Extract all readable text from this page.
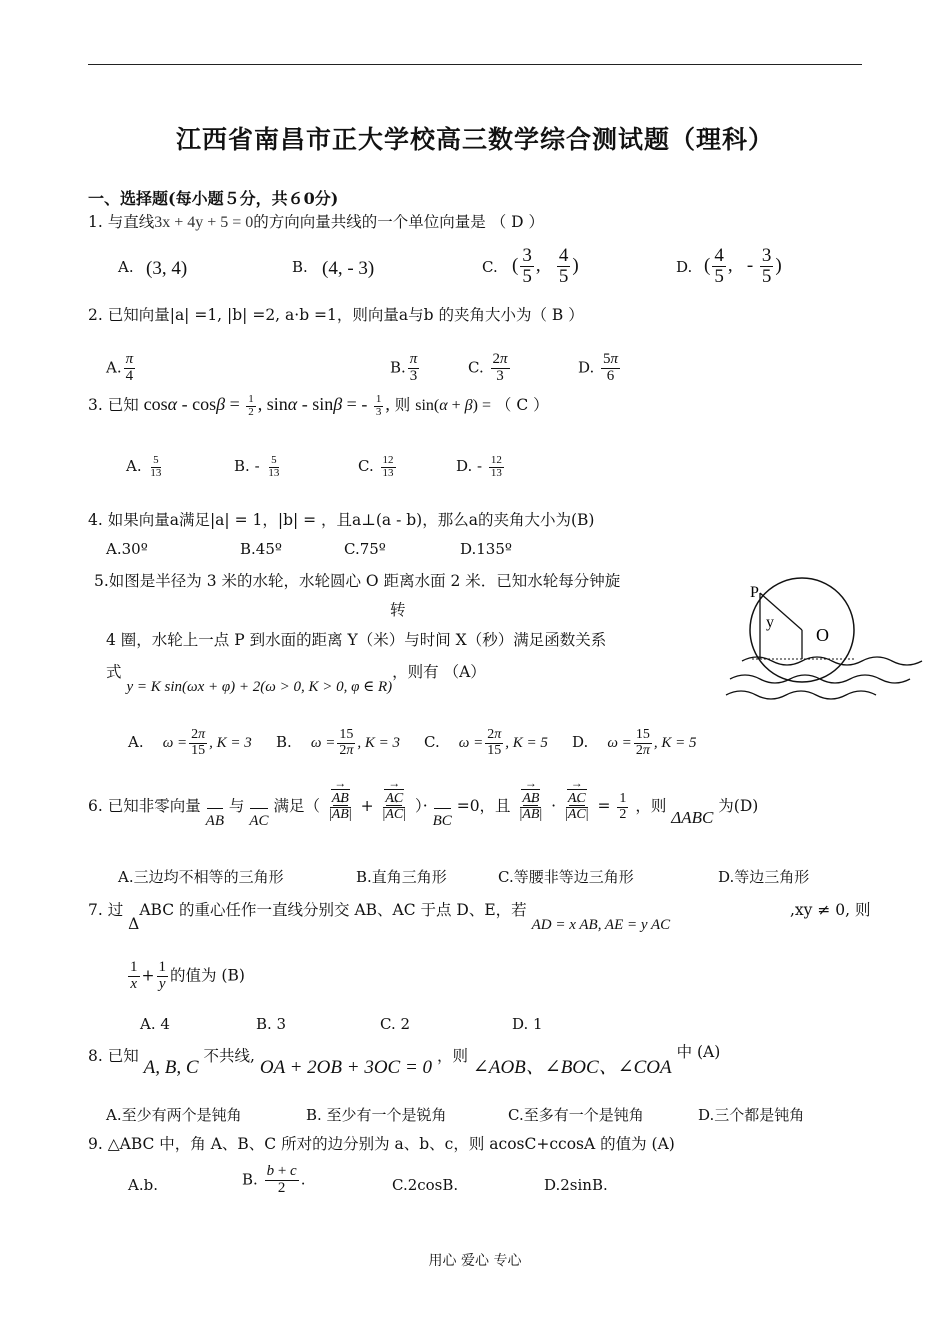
江西省南昌市正大学校高三数学综合测试题（理科）
一、选择题(每小题５分，共６0分)
1. 与直线3x + 4y + 5 = 0的方向向量共线的一个单位向量是 （ D ）
A. (3, 4)	B. (4, - 3)	C. ( $\frac{3}{5}$ , $\frac{4}{5}$ )	D. ( $\frac{4}{5}$ ,   - $\frac{3}{5}$ )
2. 已知向量|a| =1, |b| =2, a·b =1，则向量a与b 的夹角大小为（ B ）
A. $\frac{\pi}{4}$	B. $\frac{\pi}{3}$	C. $\frac{2\pi}{3}$	D. $\frac{5\pi}{6}$
3. 已知 $\cos\alpha - \cos\beta = \frac{1}{2}$ , sinα - sinβ = - $\frac{1}{3}$ , 则 sin(α + β) = （ C ）
A. $\frac{5}{13}$	B. - $\frac{5}{13}$	C. $\frac{12}{13}$	D. - $\frac{12}{13}$
4. 如果向量a满足|a| = 1，|b| = ，且a⊥(a - b)，那么a的夹角大小为(B)
A.30º	B.45º	C.75º	D.135º
5.如图是半径为 3 米的水轮，水轮圆心 O 距离水面 2 米．已知水轮每分钟旋
转
4 圈，水轮上一点 P 到水面的距离 Y（米）与时间 X（秒）满足函数关系
式 y = K sin(ωx + φ) + 2(ω > 0, K > 0, φ ∈ R)，则有 （A）
P
y
O
A. $\omega = \frac{2\pi}{15}$ , K = 3 B. $\omega = \frac{15}{2\pi}$ , K = 3 C. $\omega = \frac{2\pi}{15}$ , K = 5 D. $\omega = \frac{15}{2\pi}$ , K = 5
6. 已知非零向量 AB 与 AC 满足（ $\frac{AB \to}{|AB \to|} + \frac{AC \to}{|AC \to|}$ ）· BC =0，且 $\frac{AB \to}{|AB \to|} \cdot \frac{AC \to}{|AC \to|} = \frac{1}{2}$ ，则 ΔABC 为(D)
A.三边均不相等的三角形	B.直角三角形	C.等腰非等边三角形	D.等边三角形
7. 过 ΔABC 的重心任作一直线分别交 AB、AC 于点 D、E，若 AD = x AB, AE = y AC
,xy ≠ 0, 则
$\frac{1}{x} + \frac{1}{y}$ 的值为 (B)
A. 4	B. 3	C. 2	D. 1
8. 已知 A, B, C 不共线, OA + 2OB + 3OC = 0 ，则 ∠AOB、∠BOC、∠COA 中 (A)
A.至少有两个是钝角	B. 至少有一个是锐角	C.至多有一个是钝角	D.三个都是钝角
9. △ABC 中，角 A、B、C 所对的边分别为 a、b、c，则 acosC+ccosA 的值为 (A)
A.b.	B. $\frac{b + c}{2}$ .	C.2cosB.	D.2sinB.
用心 爱心 专心
